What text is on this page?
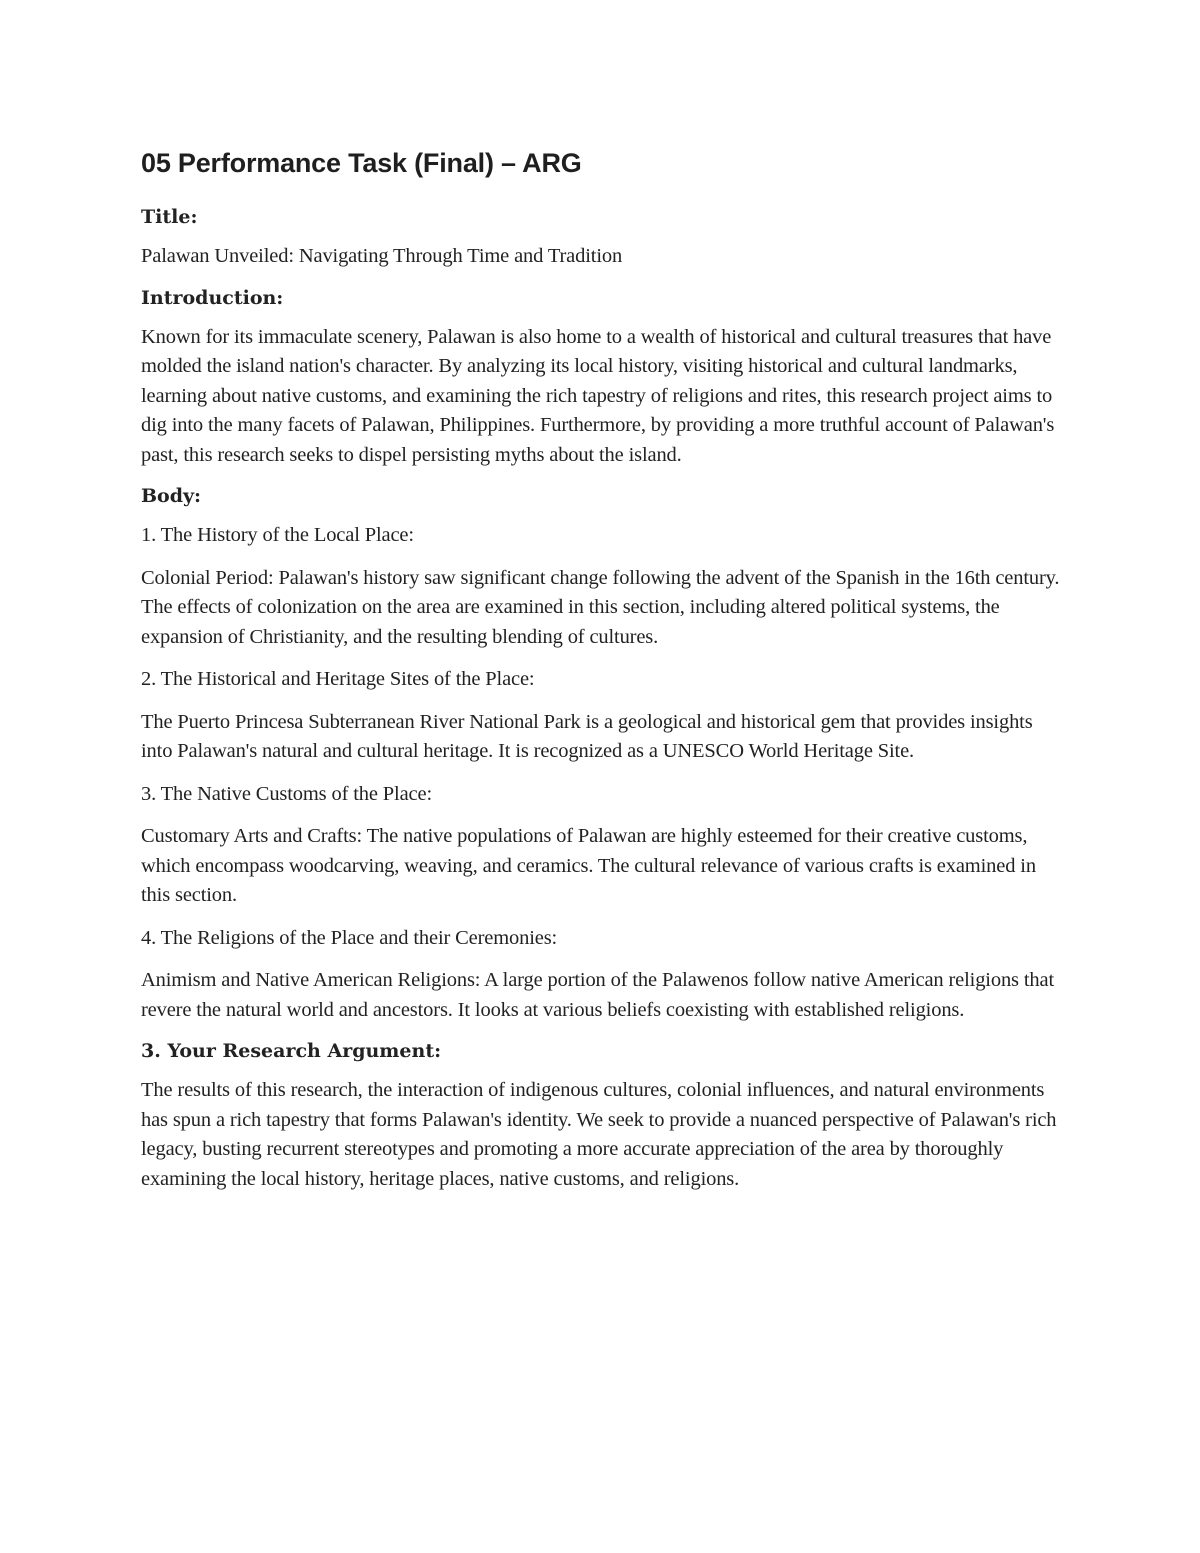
05 Performance Task (Final) – ARG
Title:

Palawan Unveiled: Navigating Through Time and Tradition

Introduction:

Known for its immaculate scenery, Palawan is also home to a wealth of historical and cultural treasures that have molded the island nation's character. By analyzing its local history, visiting historical and cultural landmarks, learning about native customs, and examining the rich tapestry of religions and rites, this research project aims to dig into the many facets of Palawan, Philippines. Furthermore, by providing a more truthful account of Palawan's past, this research seeks to dispel persisting myths about the island.

Body:

1. The History of the Local Place:

Colonial Period: Palawan's history saw significant change following the advent of the Spanish in the 16th century. The effects of colonization on the area are examined in this section, including altered political systems, the expansion of Christianity, and the resulting blending of cultures.

2. The Historical and Heritage Sites of the Place:

The Puerto Princesa Subterranean River National Park is a geological and historical gem that provides insights into Palawan's natural and cultural heritage. It is recognized as a UNESCO World Heritage Site.

3. The Native Customs of the Place:

Customary Arts and Crafts: The native populations of Palawan are highly esteemed for their creative customs, which encompass woodcarving, weaving, and ceramics. The cultural relevance of various crafts is examined in this section.

4. The Religions of the Place and their Ceremonies:

Animism and Native American Religions: A large portion of the Palawenos follow native American religions that revere the natural world and ancestors. It looks at various beliefs coexisting with established religions.

3. Your Research Argument:

The results of this research, the interaction of indigenous cultures, colonial influences, and natural environments has spun a rich tapestry that forms Palawan's identity. We seek to provide a nuanced perspective of Palawan's rich legacy, busting recurrent stereotypes and promoting a more accurate appreciation of the area by thoroughly examining the local history, heritage places, native customs, and religions.
